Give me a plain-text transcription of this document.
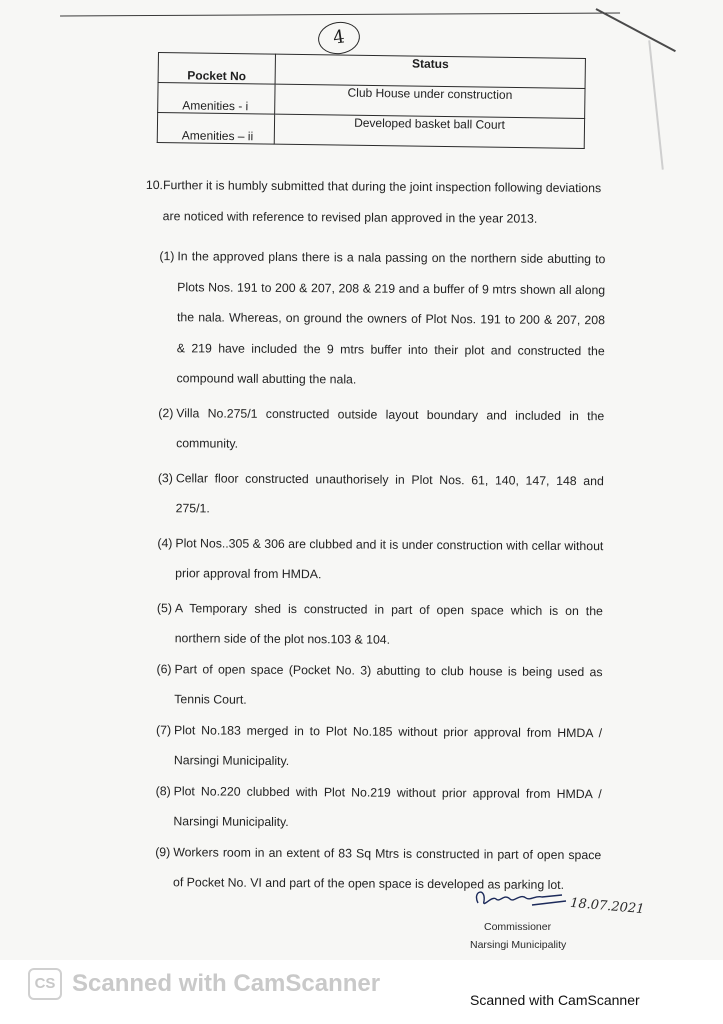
4
Pocket No	Status
Amenities - i	Club House under construction
Amenities – ii	Developed basket ball Court
10.Further it is humbly submitted that during the joint inspection following deviations
are noticed with reference to revised plan approved in the year 2013.
(1) In the approved plans there is a nala passing on the northern side abutting to Plots Nos. 191 to 200 & 207, 208 & 219 and a buffer of 9 mtrs shown all along the nala. Whereas, on ground the owners of Plot Nos. 191 to 200 & 207, 208 & 219 have included the 9 mtrs buffer into their plot and constructed the compound wall abutting the nala.
(2) Villa No.275/1 constructed outside layout boundary and included in the community.
(3) Cellar floor constructed unauthorisely in Plot Nos. 61, 140, 147, 148 and 275/1.
(4) Plot Nos..305 & 306 are clubbed and it is under construction with cellar without prior approval from HMDA.
(5) A Temporary shed is constructed in part of open space which is on the northern side of the plot nos.103 & 104.
(6) Part of open space (Pocket No. 3) abutting to club house is being used as Tennis Court.
(7) Plot No.183 merged in to Plot No.185 without prior approval from HMDA / Narsingi Municipality.
(8) Plot No.220 clubbed with Plot No.219 without prior approval from HMDA / Narsingi Municipality.
(9) Workers room in an extent of 83 Sq Mtrs is constructed in part of open space of Pocket No. VI and part of the open space is developed as parking lot.
18.07.2021
Commissioner
Narsingi Municipality
CS Scanned with CamScanner
Scanned with CamScanner
